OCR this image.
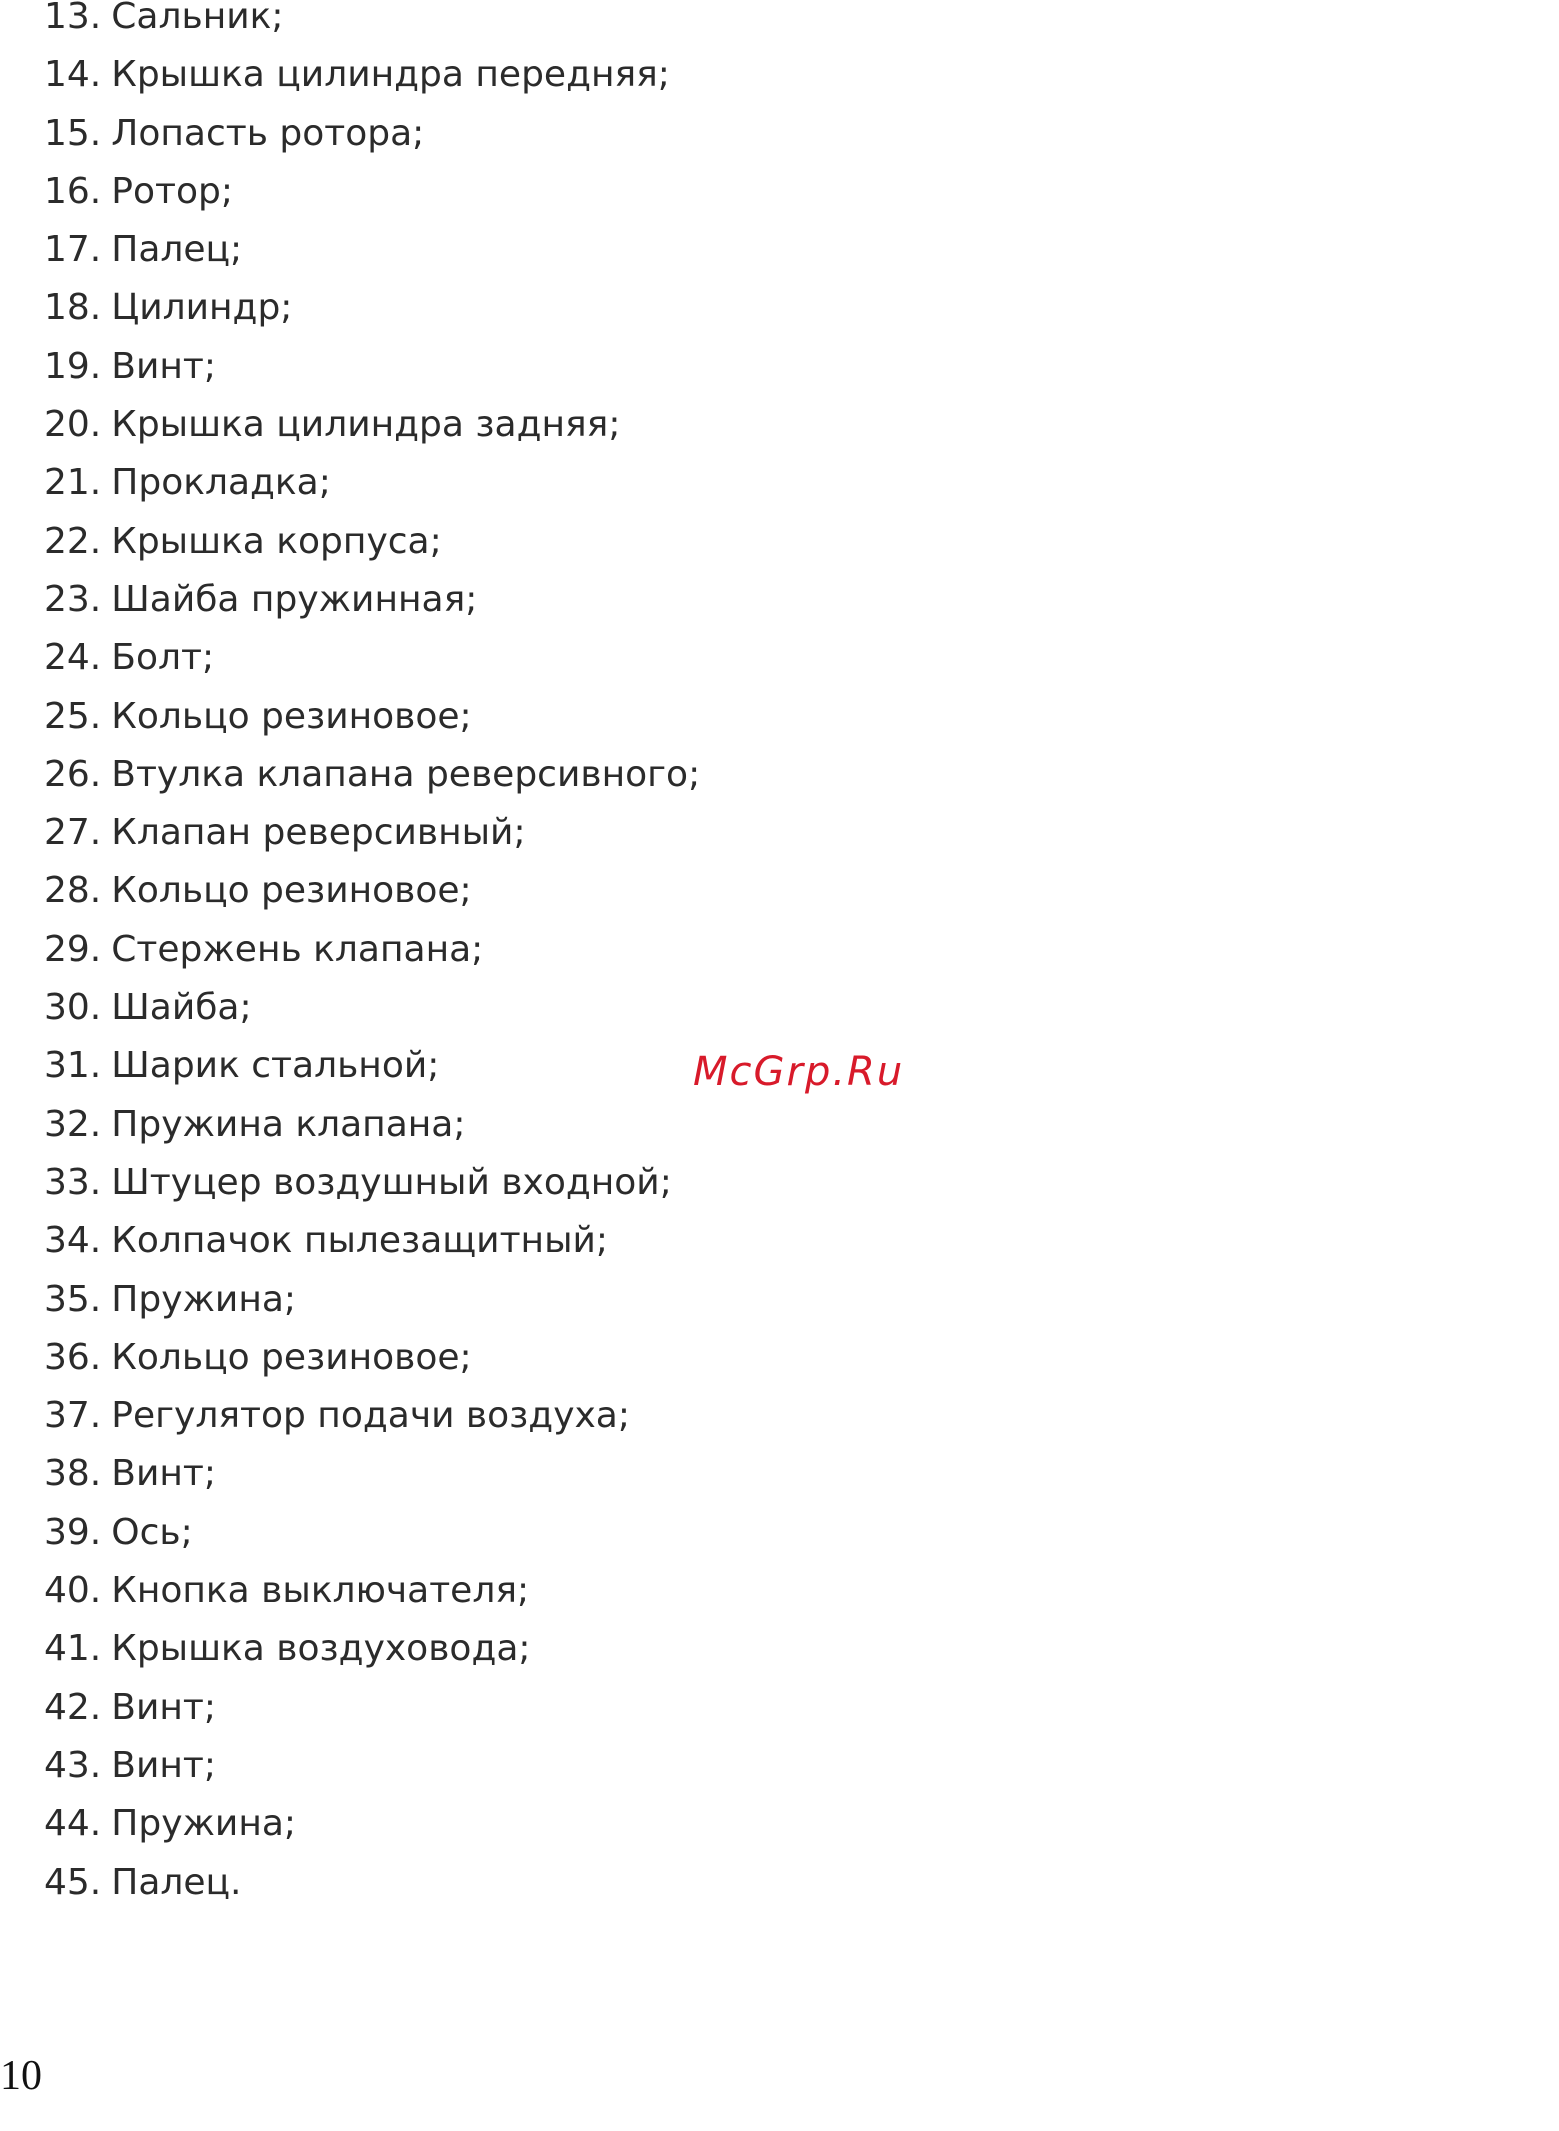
13. Сальник;
14. Крышка цилиндра передняя;
15. Лопасть ротора;
16. Ротор;
17. Палец;
18. Цилиндр;
19. Винт;
20. Крышка цилиндра задняя;
21. Прокладка;
22. Крышка корпуса;
23. Шайба пружинная;
24. Болт;
25. Кольцо резиновое;
26. Втулка клапана реверсивного;
27. Клапан реверсивный;
28. Кольцо резиновое;
29. Стержень клапана;
30. Шайба;
31. Шарик стальной;
32. Пружина клапана;
33. Штуцер воздушный входной;
34. Колпачок пылезащитный;
35. Пружина;
36. Кольцо резиновое;
37. Регулятор подачи воздуха;
38. Винт;
39. Ось;
40. Кнопка выключателя;
41. Крышка воздуховода;
42. Винт;
43. Винт;
44. Пружина;
45. Палец.
McGrp.Ru
10
